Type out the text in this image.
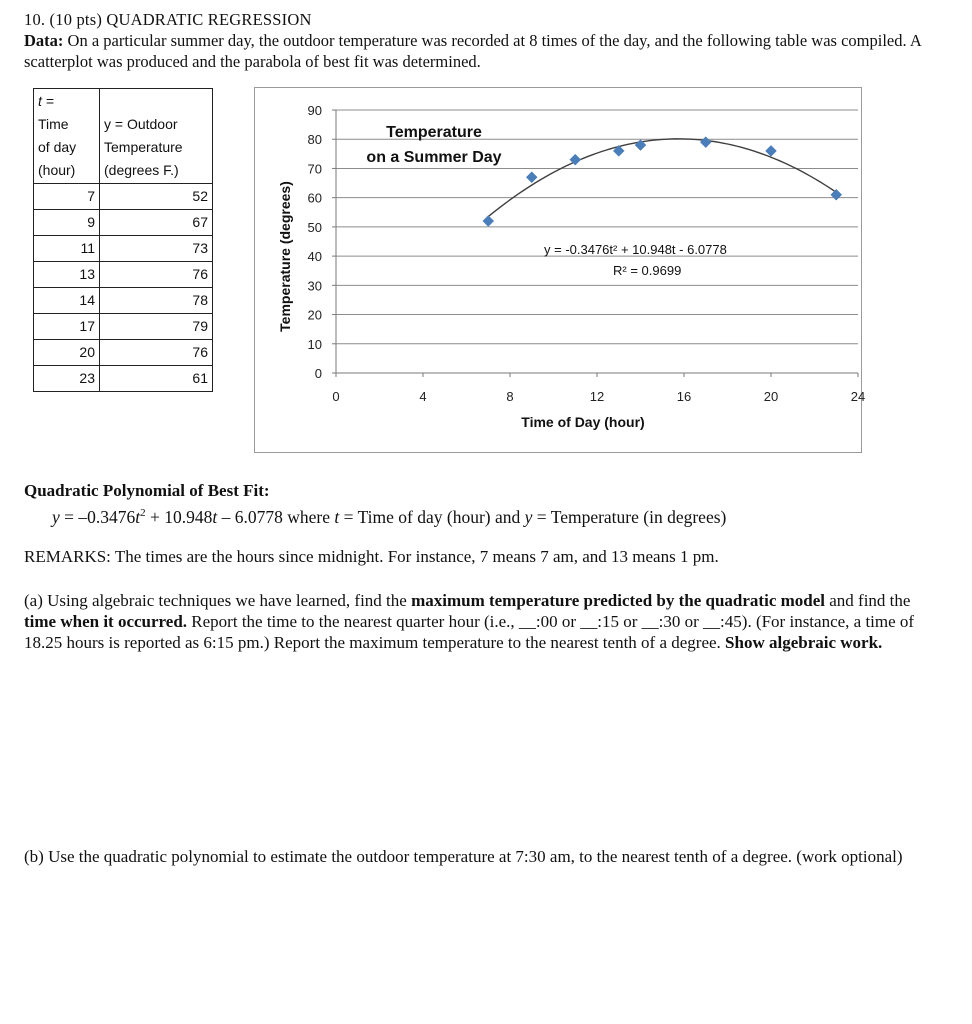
10. (10 pts) QUADRATIC REGRESSION
Data: On a particular summer day, the outdoor temperature was recorded at 8 times of the day, and the following table was compiled. A scatterplot was produced and the parabola of best fit was determined.
t =
Time
of day
(hour)	y = Outdoor
Temperature
(degrees F.)

7	52
9	67
11	73
13	76
14	78
17	79
20	76
23	61	0
10
20
30
40
50
60
70
80
90
0	4	8	12	16	20	24
Temperature
on a Summer Day
y = -0.3476t² + 10.948t - 6.0778
R² = 0.9699
Time of Day (hour)
Temperature (degrees)
Quadratic Polynomial of Best Fit:
$y = -0.3476t^2 + 10.948t - 6.0778$ where t = Time of day (hour) and y = Temperature (in degrees)
REMARKS: The times are the hours since midnight. For instance, 7 means 7 am, and 13 means 1 pm.
(a) Using algebraic techniques we have learned, find the maximum temperature predicted by the quadratic model and find the time when it occurred. Report the time to the nearest quarter hour (i.e., __:00 or __:15 or __:30 or __:45). (For instance, a time of 18.25 hours is reported as 6:15 pm.) Report the maximum temperature to the nearest tenth of a degree. Show algebraic work.
(b) Use the quadratic polynomial to estimate the outdoor temperature at 7:30 am, to the nearest tenth of a degree. (work optional)
